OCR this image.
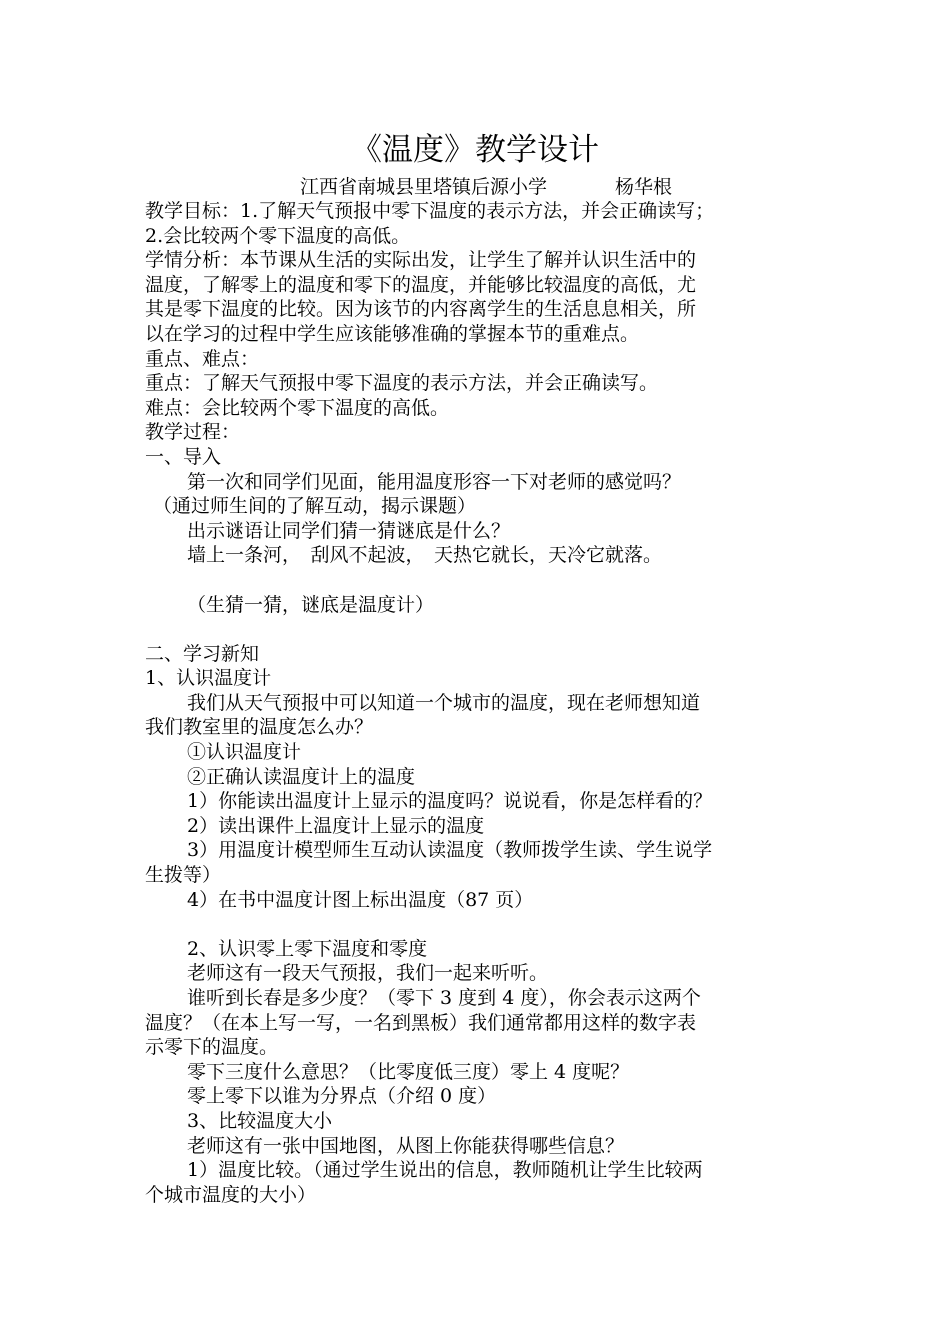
《温度》教学设计
江西省南城县里塔镇后源小学	杨华根
教学目标：1.了解天气预报中零下温度的表示方法，并会正确读写；
2.会比较两个零下温度的高低。
学情分析：本节课从生活的实际出发，让学生了解并认识生活中的
温度，了解零上的温度和零下的温度，并能够比较温度的高低，尤
其是零下温度的比较。因为该节的内容离学生的生活息息相关，所
以在学习的过程中学生应该能够准确的掌握本节的重难点。
重点、难点：
重点：了解天气预报中零下温度的表示方法，并会正确读写。
难点：会比较两个零下温度的高低。
教学过程：
一、导入
第一次和同学们见面，能用温度形容一下对老师的感觉吗？
（通过师生间的了解互动，揭示课题）
出示谜语让同学们猜一猜谜底是什么？
墙上一条河，　刮风不起波，　天热它就长，天冷它就落。
（生猜一猜，谜底是温度计）
二、学习新知
1、认识温度计
我们从天气预报中可以知道一个城市的温度，现在老师想知道
我们教室里的温度怎么办？
①认识温度计
②正确认读温度计上的温度
1）你能读出温度计上显示的温度吗？说说看，你是怎样看的？
2）读出课件上温度计上显示的温度
3）用温度计模型师生互动认读温度（教师拨学生读、学生说学
生拨等）
4）在书中温度计图上标出温度（87 页）
2、认识零上零下温度和零度
老师这有一段天气预报，我们一起来听听。
谁听到长春是多少度？（零下 3 度到 4 度），你会表示这两个
温度？（在本上写一写，一名到黑板）我们通常都用这样的数字表
示零下的温度。
零下三度什么意思？（比零度低三度）零上 4 度呢？
零上零下以谁为分界点（介绍 0 度）
3、比较温度大小
老师这有一张中国地图，从图上你能获得哪些信息？
1）温度比较。（通过学生说出的信息，教师随机让学生比较两
个城市温度的大小）
